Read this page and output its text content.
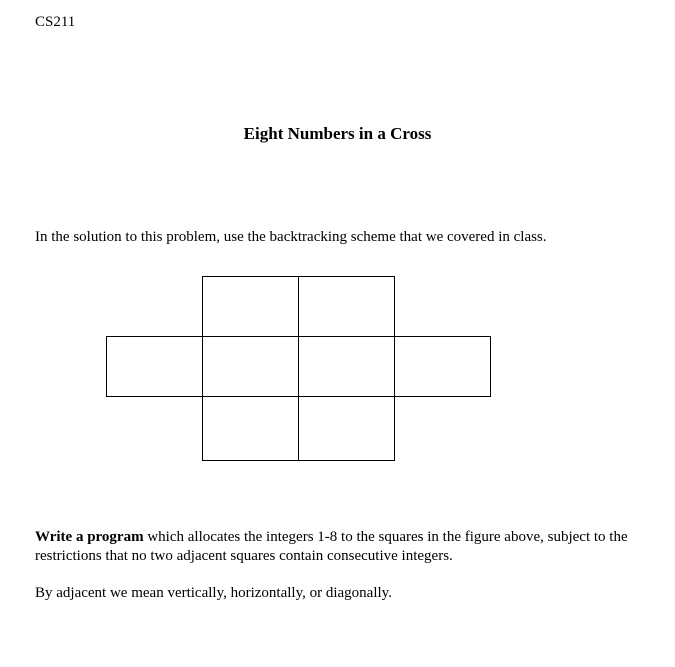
CS211

Eight Numbers in a Cross

In the solution to this problem, use the backtracking scheme that we covered in class.

Write a program which allocates the integers 1-8 to the squares in the figure above, subject to the restrictions that no two adjacent squares contain consecutive integers.

By adjacent we mean vertically, horizontally, or diagonally.
